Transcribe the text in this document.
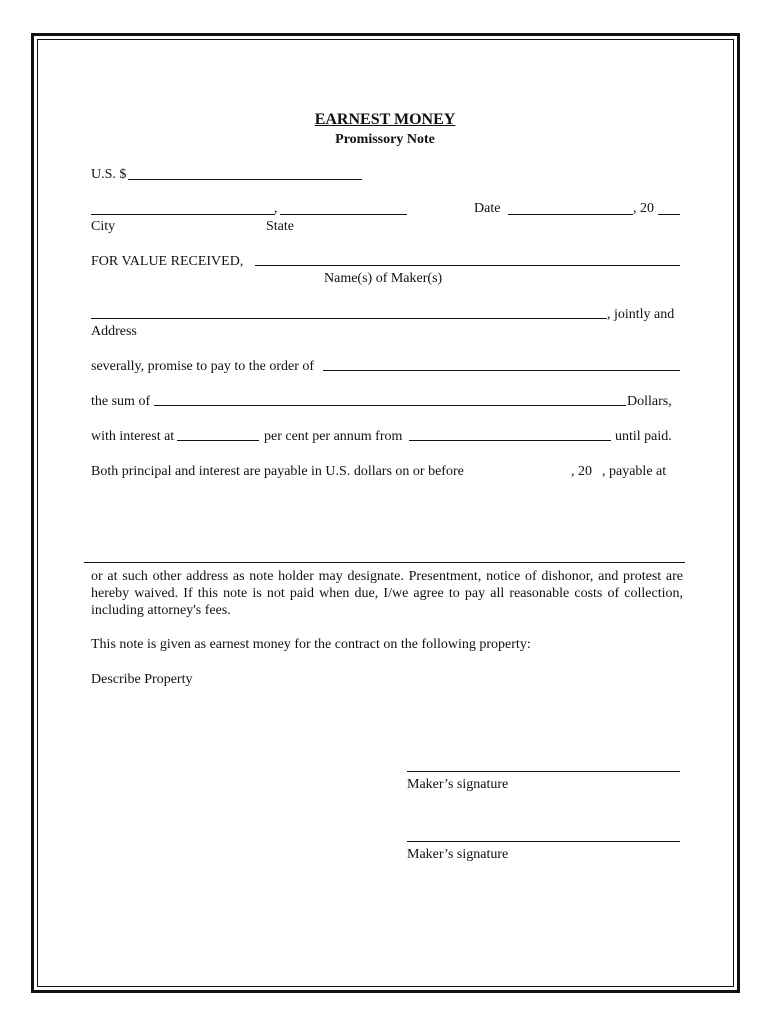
EARNEST MONEY
Promissory Note
U.S. $
,	Date	, 20
City	State
FOR VALUE RECEIVED,
Name(s) of Maker(s)
, jointly and
Address
severally, promise to pay to the order of
the sum of	Dollars,
with interest at	per cent per annum from	until paid.
Both principal and interest are payable in U.S. dollars on or before	, 20 , payable at
or at such other address as note holder may designate. Presentment, notice of dishonor, and protest are hereby waived. If this note is not paid when due, I/we agree to pay all reasonable costs of collection, including attorney's fees.
This note is given as earnest money for the contract on the following property:
Describe Property
Maker’s signature
Maker’s signature
